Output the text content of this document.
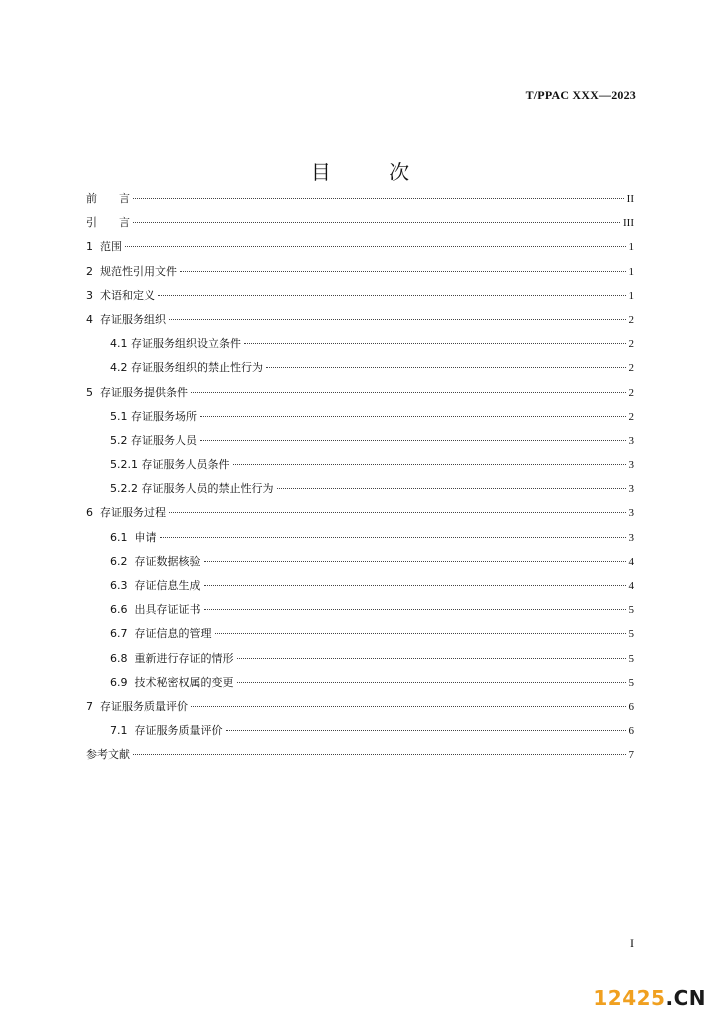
T/PPAC XXX—2023
目 次
前　　言	II
引　　言	III
1  范围	1
2  规范性引用文件	1
3  术语和定义	1
4  存证服务组织	2
4.1 存证服务组织设立条件	2
4.2 存证服务组织的禁止性行为	2
5  存证服务提供条件	2
5.1 存证服务场所	2
5.2 存证服务人员	3
5.2.1 存证服务人员条件	3
5.2.2 存证服务人员的禁止性行为	3
6  存证服务过程	3
6.1  申请	3
6.2  存证数据核验	4
6.3  存证信息生成	4
6.6  出具存证证书	5
6.7  存证信息的管理	5
6.8  重新进行存证的情形	5
6.9  技术秘密权属的变更	5
7  存证服务质量评价	6
7.1  存证服务质量评价	6
参考文献	7
I
12425.CN
